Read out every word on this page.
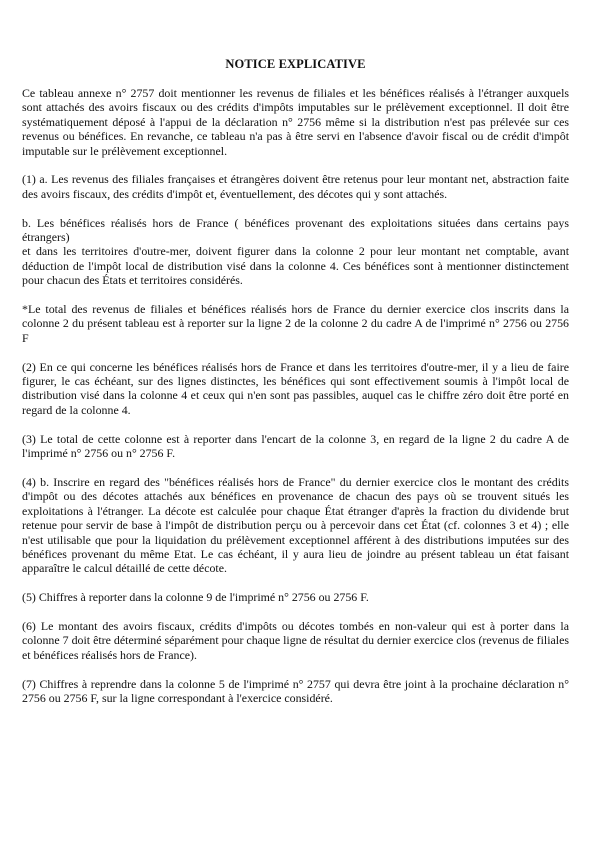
NOTICE EXPLICATIVE

Ce tableau annexe n° 2757 doit mentionner les revenus de filiales et les bénéfices réalisés à l'étranger auxquels sont attachés des avoirs fiscaux ou des crédits d'impôts imputables sur le prélèvement exceptionnel. Il doit être systématiquement déposé à l'appui de la déclaration n° 2756 même si la distribution n'est pas prélevée sur ces revenus ou bénéfices. En revanche, ce tableau n'a pas à être servi en l'absence d'avoir fiscal ou de crédit d'impôt imputable sur le prélèvement exceptionnel.

(1) a. Les revenus des filiales françaises et étrangères doivent être retenus pour leur montant net, abstraction faite des avoirs fiscaux, des crédits d'impôt et, éventuellement, des décotes qui y sont attachés.

b. Les bénéfices réalisés hors de France ( bénéfices provenant des exploitations situées dans certains pays étrangers)
et dans les territoires d'outre-mer, doivent figurer dans la colonne 2 pour leur montant net comptable, avant déduction de l'impôt local de distribution visé dans la colonne 4. Ces bénéfices sont à mentionner distinctement pour chacun des États et territoires considérés.

*Le total des revenus de filiales et bénéfices réalisés hors de France du dernier exercice clos inscrits dans la colonne 2 du présent tableau est à reporter sur la ligne 2 de la colonne 2 du cadre A de l'imprimé n° 2756 ou 2756 F

(2) En ce qui concerne les bénéfices réalisés hors de France et dans les territoires d'outre-mer, il y a lieu de faire figurer, le cas échéant, sur des lignes distinctes, les bénéfices qui sont effectivement soumis à l'impôt local de distribution visé dans la colonne 4 et ceux qui n'en sont pas passibles, auquel cas le chiffre zéro doit être porté en regard de la colonne 4.

(3) Le total de cette colonne est à reporter dans l'encart de la colonne 3, en regard de la ligne 2 du cadre A de l'imprimé n° 2756 ou n° 2756 F.

(4) b. Inscrire en regard des "bénéfices réalisés hors de France" du dernier exercice clos le montant des crédits d'impôt ou des décotes attachés aux bénéfices en provenance de chacun des pays où se trouvent situés les exploitations à l'étranger. La décote est calculée pour chaque État étranger d'après la fraction du dividende brut retenue pour servir de base à l'impôt de distribution perçu ou à percevoir dans cet État (cf. colonnes 3 et 4) ; elle n'est utilisable que pour la liquidation du prélèvement exceptionnel afférent à des distributions imputées sur des bénéfices provenant du même Etat. Le cas échéant, il y aura lieu de joindre au présent tableau un état faisant apparaître le calcul détaillé de cette décote.

(5) Chiffres à reporter dans la colonne 9 de l'imprimé n° 2756 ou 2756 F.

(6) Le montant des avoirs fiscaux, crédits d'impôts ou décotes tombés en non-valeur qui est à porter dans la colonne 7 doit être déterminé séparément pour chaque ligne de résultat du dernier exercice clos (revenus de filiales et bénéfices réalisés hors de France).

(7) Chiffres à reprendre dans la colonne 5 de l'imprimé n° 2757 qui devra être joint à la prochaine déclaration n° 2756 ou 2756 F, sur la ligne correspondant à l'exercice considéré.
